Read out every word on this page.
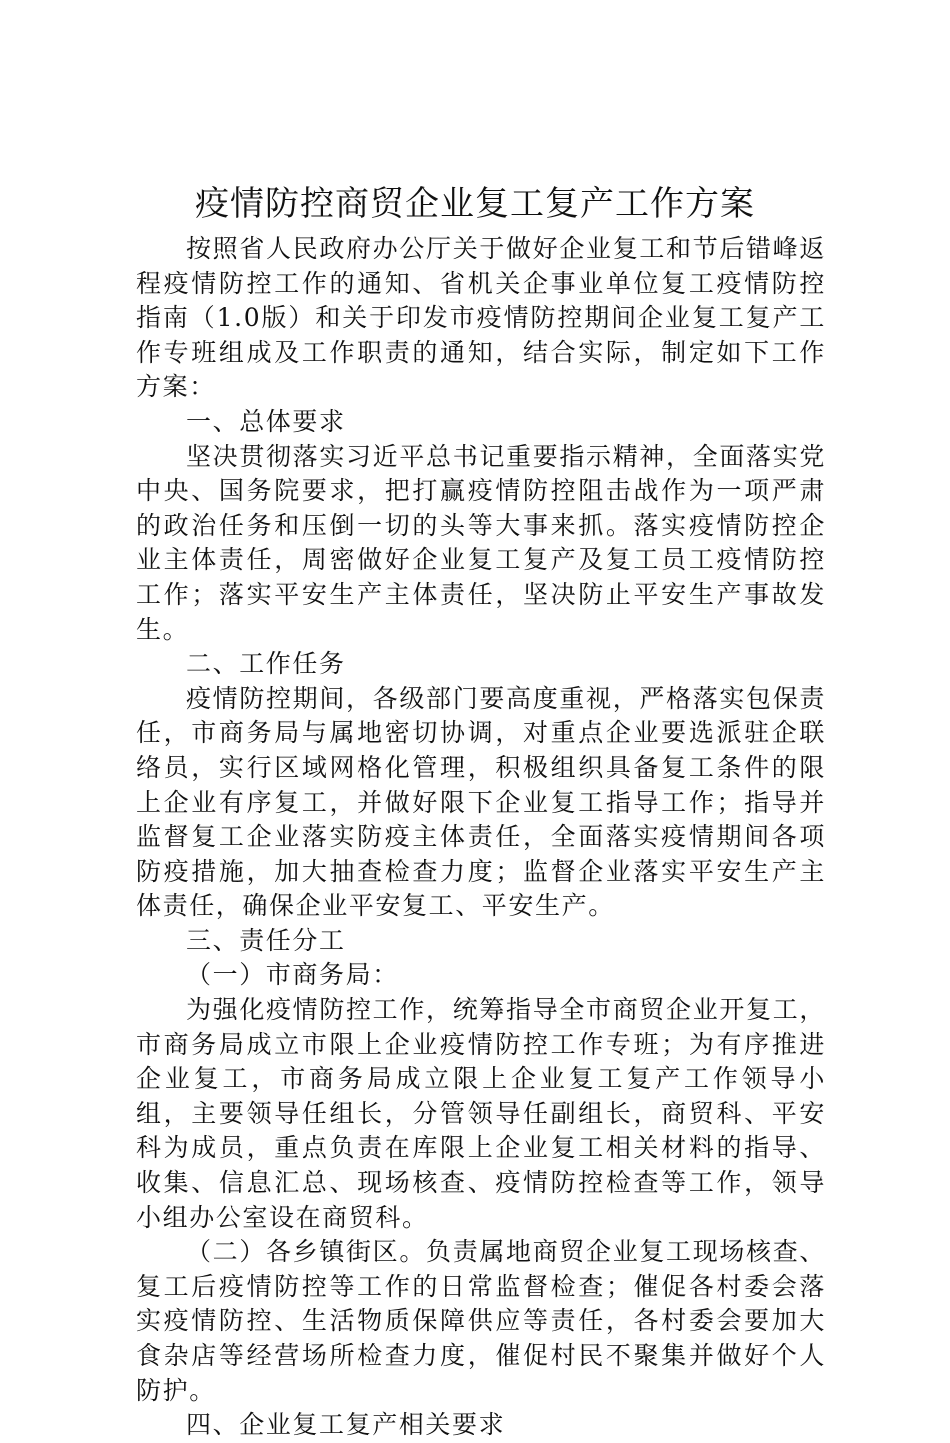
疫情防控商贸企业复工复产工作方案

按照省人民政府办公厅关于做好企业复工和节后错峰返程疫情防控工作的通知、省机关企事业单位复工疫情防控指南（1.0版）和关于印发市疫情防控期间企业复工复产工作专班组成及工作职责的通知，结合实际，制定如下工作方案：

一、总体要求

坚决贯彻落实习近平总书记重要指示精神，全面落实党中央、国务院要求，把打赢疫情防控阻击战作为一项严肃的政治任务和压倒一切的头等大事来抓。落实疫情防控企业主体责任，周密做好企业复工复产及复工员工疫情防控工作；落实平安生产主体责任，坚决防止平安生产事故发生。

二、工作任务

疫情防控期间，各级部门要高度重视，严格落实包保责任，市商务局与属地密切协调，对重点企业要选派驻企联络员，实行区域网格化管理，积极组织具备复工条件的限上企业有序复工，并做好限下企业复工指导工作；指导并监督复工企业落实防疫主体责任，全面落实疫情期间各项防疫措施，加大抽查检查力度；监督企业落实平安生产主体责任，确保企业平安复工、平安生产。

三、责任分工

（一）市商务局：

为强化疫情防控工作，统筹指导全市商贸企业开复工，市商务局成立市限上企业疫情防控工作专班；为有序推进企业复工，市商务局成立限上企业复工复产工作领导小组，主要领导任组长，分管领导任副组长，商贸科、平安科为成员，重点负责在库限上企业复工相关材料的指导、收集、信息汇总、现场核查、疫情防控检查等工作，领导小组办公室设在商贸科。

（二）各乡镇街区。负责属地商贸企业复工现场核查、复工后疫情防控等工作的日常监督检查；催促各村委会落实疫情防控、生活物质保障供应等责任，各村委会要加大食杂店等经营场所检查力度，催促村民不聚集并做好个人防护。

四、企业复工复产相关要求
